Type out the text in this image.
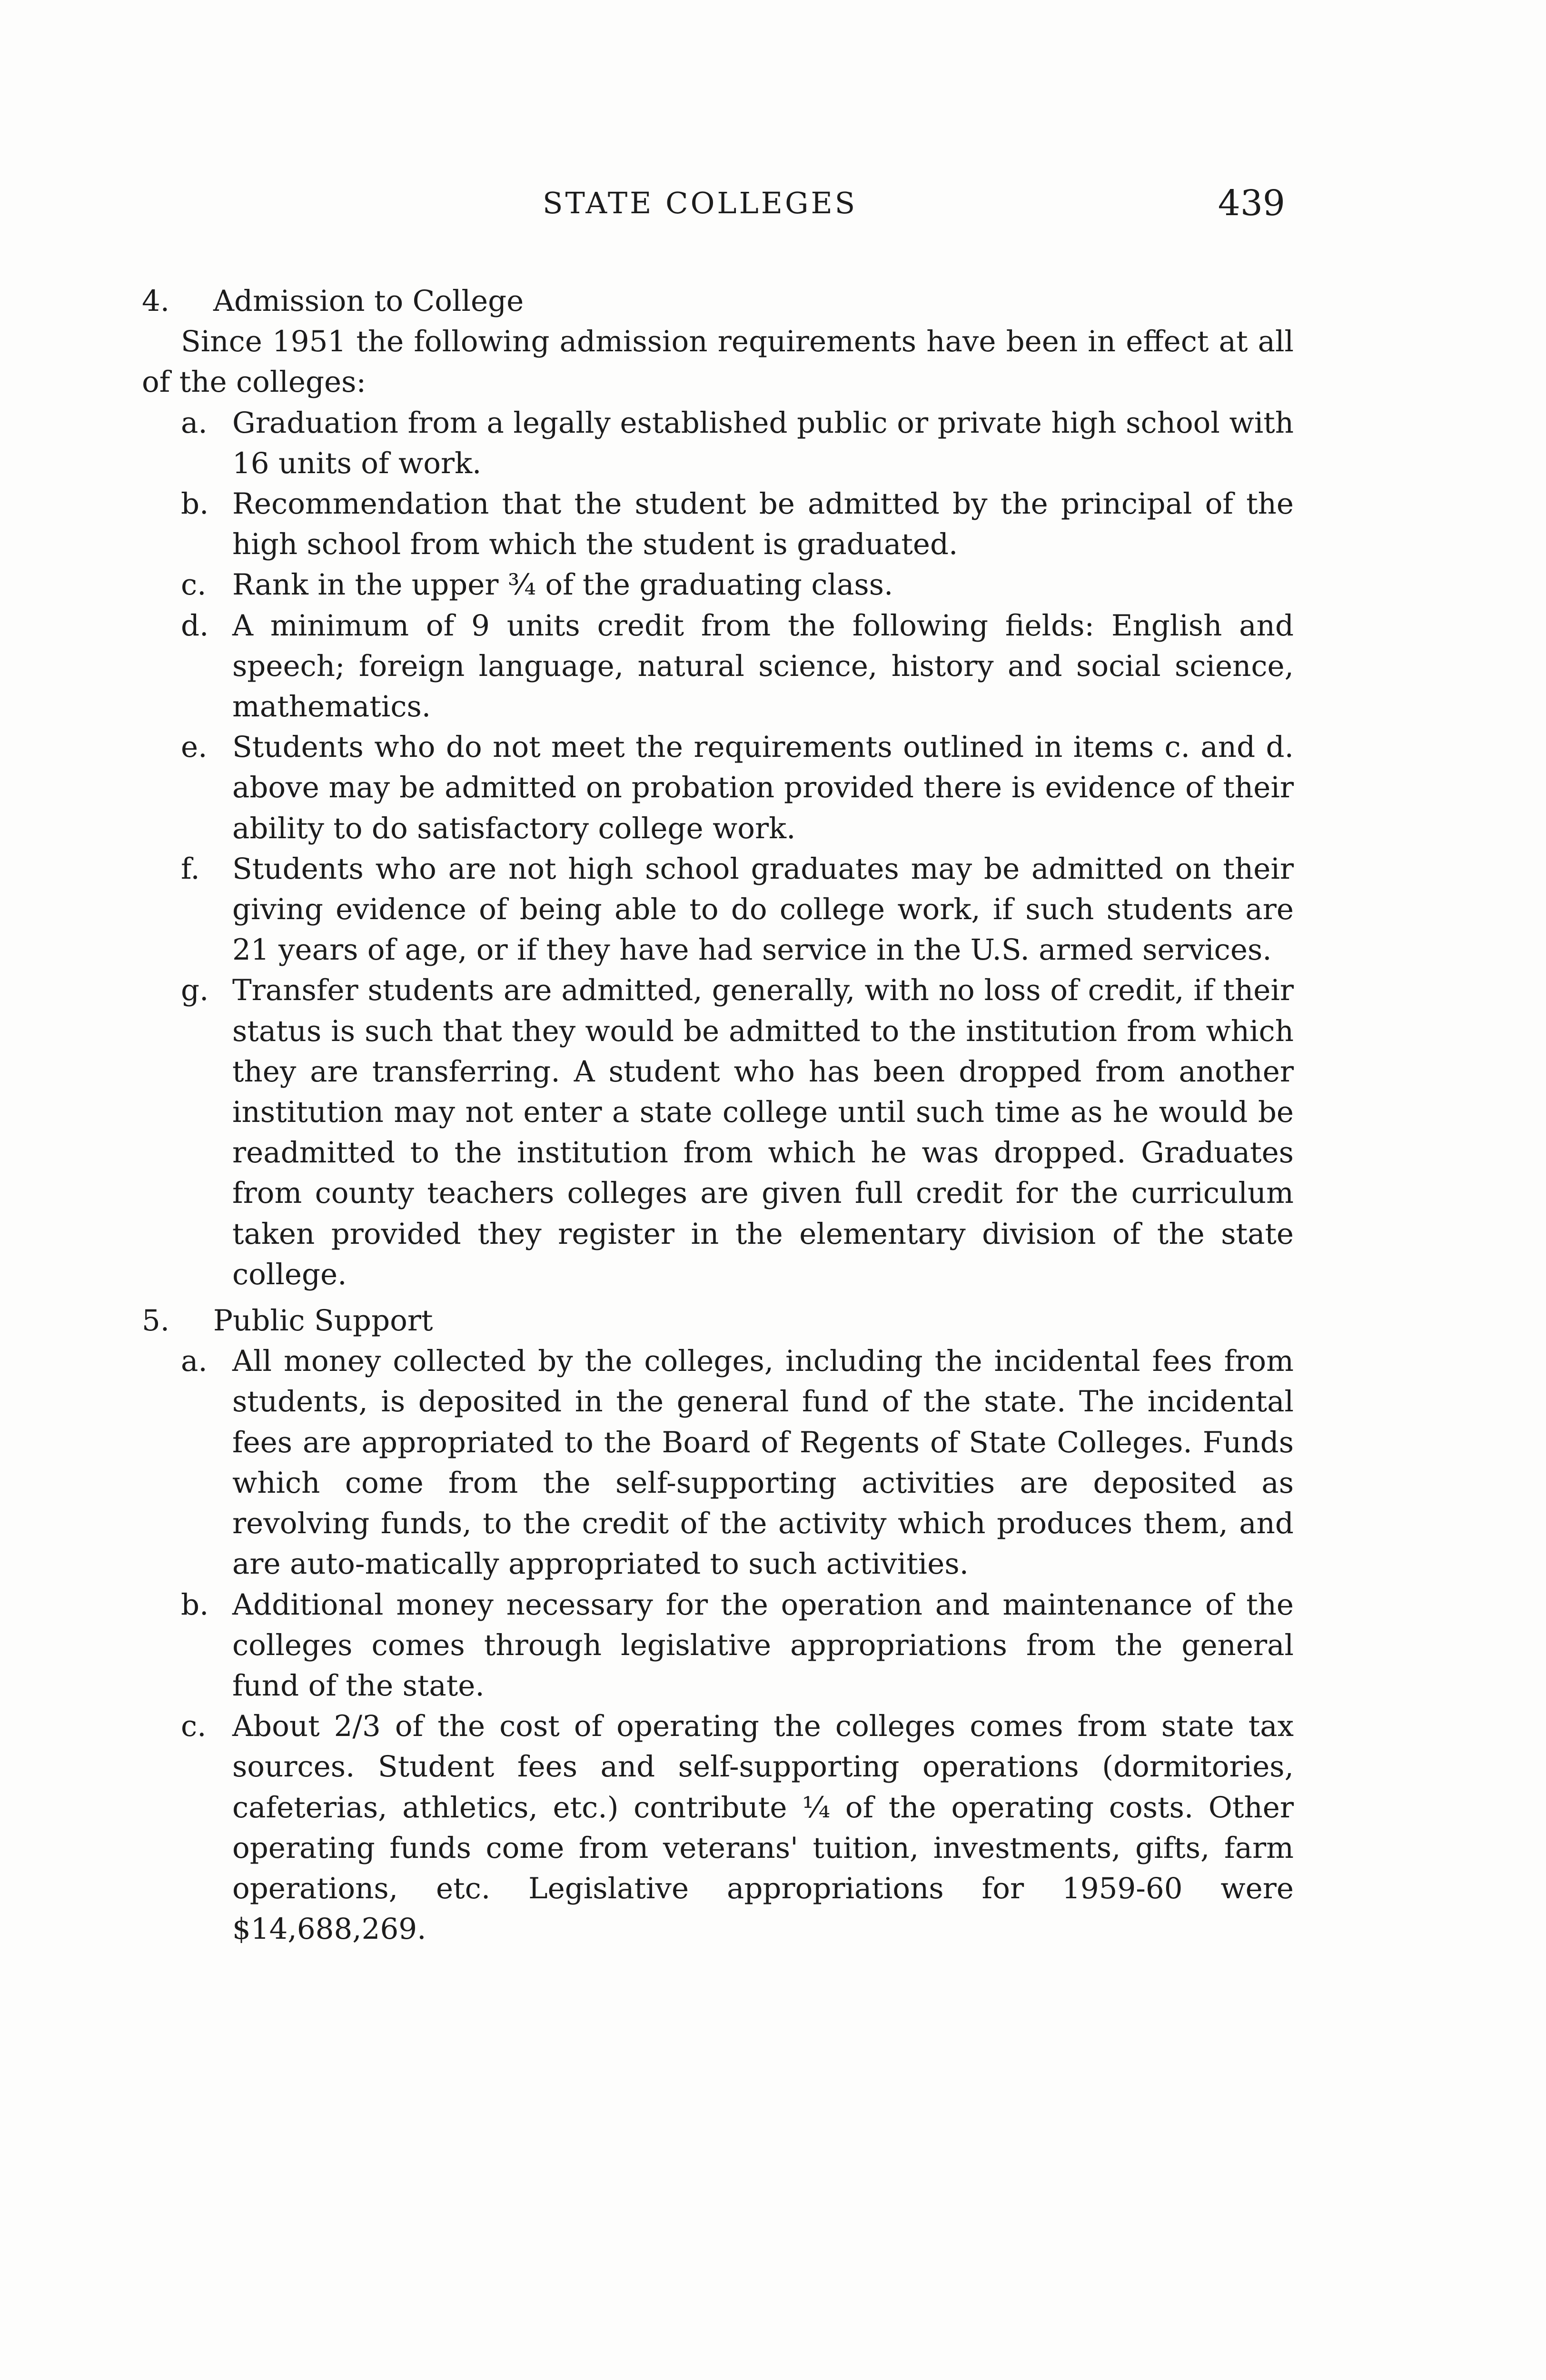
STATE COLLEGES	439
4. Admission to College
Since 1951 the following admission requirements have been in effect at all of the colleges:
a. Graduation from a legally established public or private high school with 16 units of work.
b. Recommendation that the student be admitted by the principal of the high school from which the student is graduated.
c. Rank in the upper ¾ of the graduating class.
d. A minimum of 9 units credit from the following fields: English and speech; foreign language, natural science, history and social science, mathematics.
e. Students who do not meet the requirements outlined in items c. and d. above may be admitted on probation provided there is evidence of their ability to do satisfactory college work.
f.	Students who are not high school graduates may be admitted on their giving evidence of being able to do college work, if such students are 21 years of age, or if they have had service in the U.S. armed services.
g. Transfer students are admitted, generally, with no loss of credit, if their status is such that they would be admitted to the institution from which they are transferring. A student who has been dropped from another institution may not enter a state college until such time as he would be readmitted to the institution from which he was dropped. Graduates from county teachers colleges are given full credit for the curriculum taken provided they register in the elementary division of the state college.
5. Public Support
a. All money collected by the colleges, including the incidental fees from students, is deposited in the general fund of the state. The incidental fees are appropriated to the Board of Regents of State Colleges. Funds which come from the self-supporting activities are deposited as revolving funds, to the credit of the activity which produces them, and are auto-matically appropriated to such activities.
b. Additional money necessary for the operation and maintenance of the colleges comes through legislative appropriations from the general fund of the state.
c. About 2/3 of the cost of operating the colleges comes from state tax sources. Student fees and self-supporting operations (dormitories, cafeterias, athletics, etc.) contribute ¼ of the operating costs. Other operating funds come from veterans' tuition, investments, gifts, farm operations, etc. Legislative appropriations for 1959-60 were $14,688,269.
